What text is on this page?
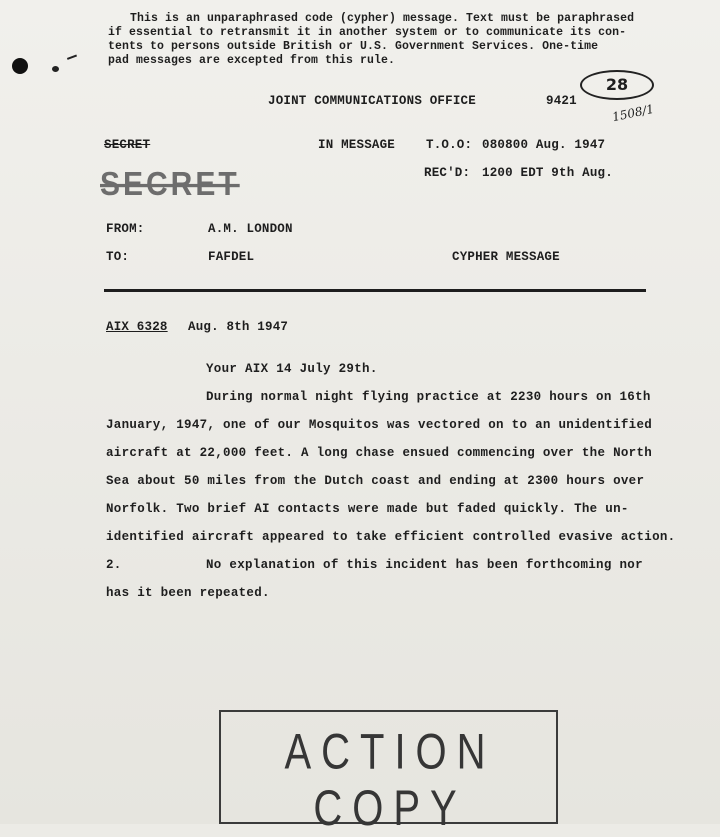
This is an unparaphrased code (cypher) message. Text must be paraphrased
if essential to retransmit it in another system or to communicate its con-
tents to persons outside British or U.S. Government Services. One-time
pad messages are excepted from this rule.
JOINT COMMUNICATIONS OFFICE	9421
28
1508/1
SECRET	IN MESSAGE T.O.O: 080800 Aug. 1947
REC'D: 1200 EDT 9th Aug.
SECRET
FROM:	A.M. LONDON
TO:	FAFDEL	CYPHER MESSAGE
AIX 6328 Aug. 8th 1947
Your AIX 14 July 29th.
During normal night flying practice at 2230 hours on 16th
January, 1947, one of our Mosquitos was vectored on to an unidentified
aircraft at 22,000 feet. A long chase ensued commencing over the North
Sea about 50 miles from the Dutch coast and ending at 2300 hours over
Norfolk. Two brief AI contacts were made but faded quickly. The un-
identified aircraft appeared to take efficient controlled evasive action.
2.	No explanation of this incident has been forthcoming nor
has it been repeated.
ACTION COPY
